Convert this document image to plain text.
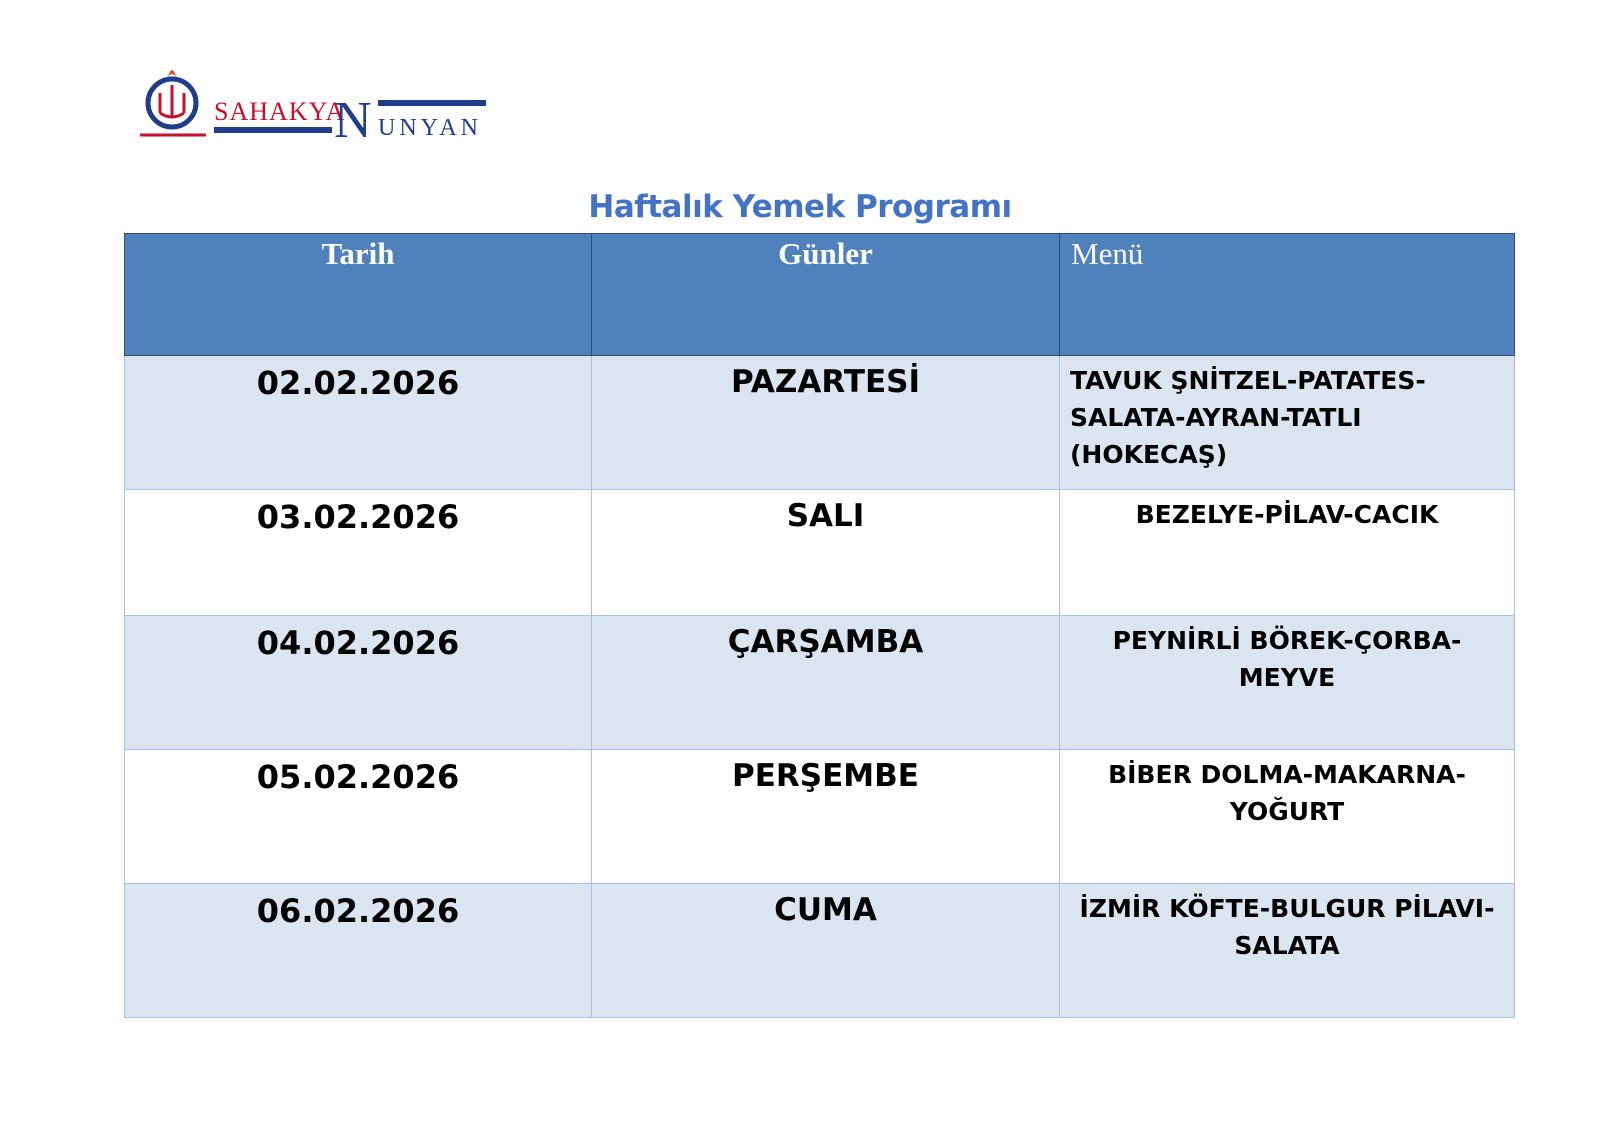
SAHAKYA
N UNYAN
Haftalık Yemek Programı
Tarih	Günler	Menü
02.02.2026	PAZARTESİ	TAVUK ŞNİTZEL-PATATES-SALATA-AYRAN-TATLI (HOKECAŞ)
03.02.2026	SALI	BEZELYE-PİLAV-CACIK
04.02.2026	ÇARŞAMBA	PEYNİRLİ BÖREK-ÇORBA-MEYVE
05.02.2026	PERŞEMBE	BİBER DOLMA-MAKARNA-YOĞURT
06.02.2026	CUMA	İZMİR KÖFTE-BULGUR PİLAVI-SALATA
